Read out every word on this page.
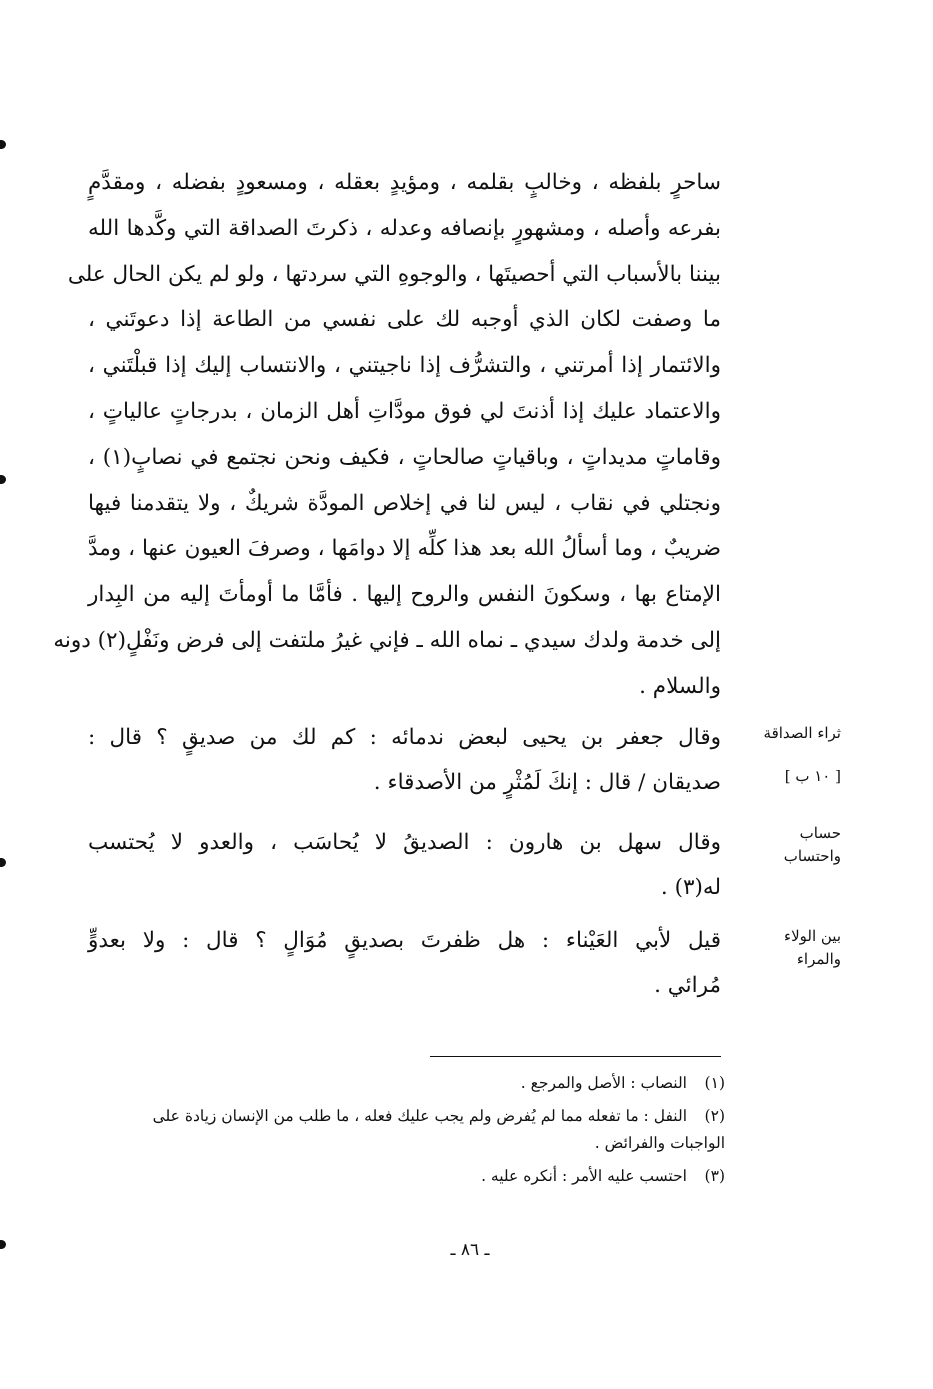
ساحرٍ بلفظه ، وخالبٍ بقلمه ، ومؤيدٍ بعقله ، ومسعودٍ بفضله ، ومقدَّمٍ
بفرعه وأصله ، ومشهورٍ بإنصافه وعدله ، ذكرتَ الصداقة التي وكَّدها الله
بيننا بالأسباب التي أحصيتَها ، والوجوهِ التي سردتها ، ولو لم يكن الحال على
ما وصفت لكان الذي أوجبه لك على نفسي من الطاعة إذا دعوتَني ،
والائتمار إذا أمرتني ، والتشرُّف إذا ناجيتني ، والانتساب إليك إذا قبلْتَني ،
والاعتماد عليك إذا أذنتَ لي فوق مودَّاتِ أهل الزمان ، بدرجاتٍ عالياتٍ ،
وقاماتٍ مديداتٍ ، وباقياتٍ صالحاتٍ ، فكيف ونحن نجتمع في نصابٍ(١) ،
ونجتلي في نقاب ، ليس لنا في إخلاص المودَّة شريكٌ ، ولا يتقدمنا فيها
ضريبٌ ، وما أسألُ الله بعد هذا كلِّه إلا دوامَها ، وصرفَ العيون عنها ، ومدَّ
الإمتاع بها ، وسكونَ النفس والروح إليها . فأمَّا ما أومأتَ إليه من البِدار
إلى خدمة ولدك سيدي ـ نماه الله ـ فإني غيرُ ملتفت إلى فرض ونَفْلٍ(٢) دونه
والسلام .
ثراء الصداقة
[ ١٠ ب ]
وقال جعفر بن يحيى لبعض ندمائه : كم لك من صديقٍ ؟ قال :
صديقان / قال : إنكَ لَمُثْرٍ من الأصدقاء .
حساب
واحتساب
وقال سهل بن هارون : الصديقُ لا يُحاسَب ، والعدو لا يُحتسب
له(٣) .
بين الولاء
والمراء
قيل لأبي العَيْناء : هل ظفرتَ بصديقٍ مُوَالٍ ؟ قال : ولا بعدوٍّ
مُرائي .
(١)
النصاب : الأصل والمرجع .
(٢)
النفل : ما تفعله مما لم يُفرض ولم يجب عليك فعله ، ما طلب من الإنسان زيادة على
الواجبات والفرائض .
(٣)
احتسب عليه الأمر : أنكره عليه .
ـ ٨٦ ـ
